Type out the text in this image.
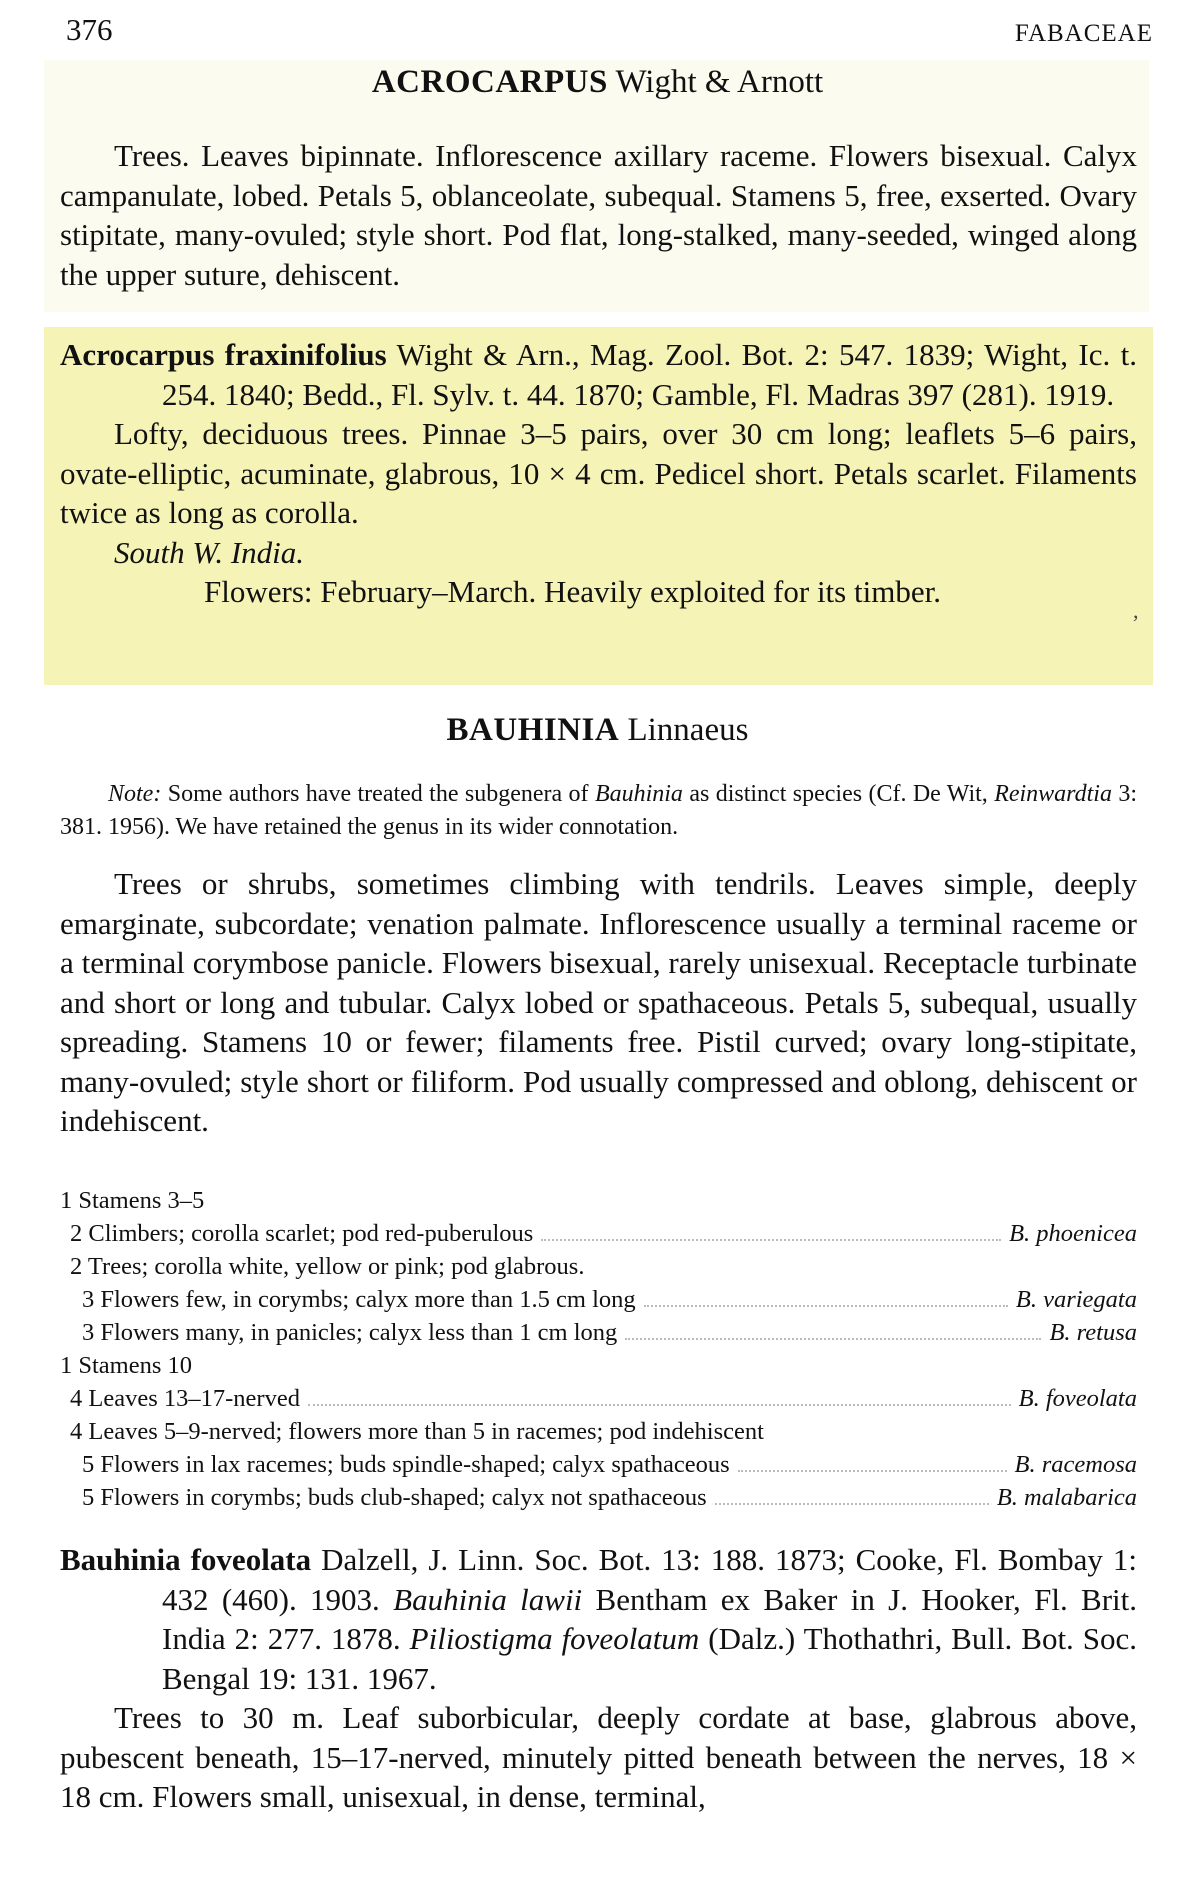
376	FABACEAE
ACROCARPUS Wight & Arnott

Trees. Leaves bipinnate. Inflorescence axillary raceme. Flowers bisexual. Calyx campanulate, lobed. Petals 5, oblanceolate, subequal. Stamens 5, free, exserted. Ovary stipitate, many-ovuled; style short. Pod flat, long-stalked, many-seeded, winged along the upper suture, dehiscent.

Acrocarpus fraxinifolius Wight & Arn., Mag. Zool. Bot. 2: 547. 1839; Wight, Ic. t. 254. 1840; Bedd., Fl. Sylv. t. 44. 1870; Gamble, Fl. Madras 397 (281). 1919.

Lofty, deciduous trees. Pinnae 3–5 pairs, over 30 cm long; leaflets 5–6 pairs, ovate-elliptic, acuminate, glabrous, 10 × 4 cm. Pedicel short. Petals scarlet. Filaments twice as long as corolla.

South W. India.

Flowers: February–March. Heavily exploited for its timber.

,
BAUHINIA Linnaeus
Note: Some authors have treated the subgenera of Bauhinia as distinct species (Cf. De Wit, Reinwardtia 3: 381. 1956). We have retained the genus in its wider connotation.

Trees or shrubs, sometimes climbing with tendrils. Leaves simple, deeply emarginate, subcordate; venation palmate. Inflorescence usually a terminal raceme or a terminal corymbose panicle. Flowers bisexual, rarely unisexual. Receptacle turbinate and short or long and tubular. Calyx lobed or spathaceous. Petals 5, subequal, usually spreading. Stamens 10 or fewer; filaments free. Pistil curved; ovary long-stipitate, many-ovuled; style short or filiform. Pod usually compressed and oblong, dehiscent or indehiscent.

1 Stamens 3–5
2 Climbers; corolla scarlet; pod red-puberulous	B. phoenicea
2 Trees; corolla white, yellow or pink; pod glabrous.
3 Flowers few, in corymbs; calyx more than 1.5 cm long	B. variegata
3 Flowers many, in panicles; calyx less than 1 cm long	B. retusa
1 Stamens 10
4 Leaves 13–17-nerved	B. foveolata
4 Leaves 5–9-nerved; flowers more than 5 in racemes; pod indehiscent
5 Flowers in lax racemes; buds spindle-shaped; calyx spathaceous	B. racemosa
5 Flowers in corymbs; buds club-shaped; calyx not spathaceous	B. malabarica

Bauhinia foveolata Dalzell, J. Linn. Soc. Bot. 13: 188. 1873; Cooke, Fl. Bombay 1: 432 (460). 1903. Bauhinia lawii Bentham ex Baker in J. Hooker, Fl. Brit. India 2: 277. 1878. Piliostigma foveolatum (Dalz.) Thothathri, Bull. Bot. Soc. Bengal 19: 131. 1967.

Trees to 30 m. Leaf suborbicular, deeply cordate at base, glabrous above, pubescent beneath, 15–17-nerved, minutely pitted beneath between the nerves, 18 × 18 cm. Flowers small, unisexual, in dense, terminal,
